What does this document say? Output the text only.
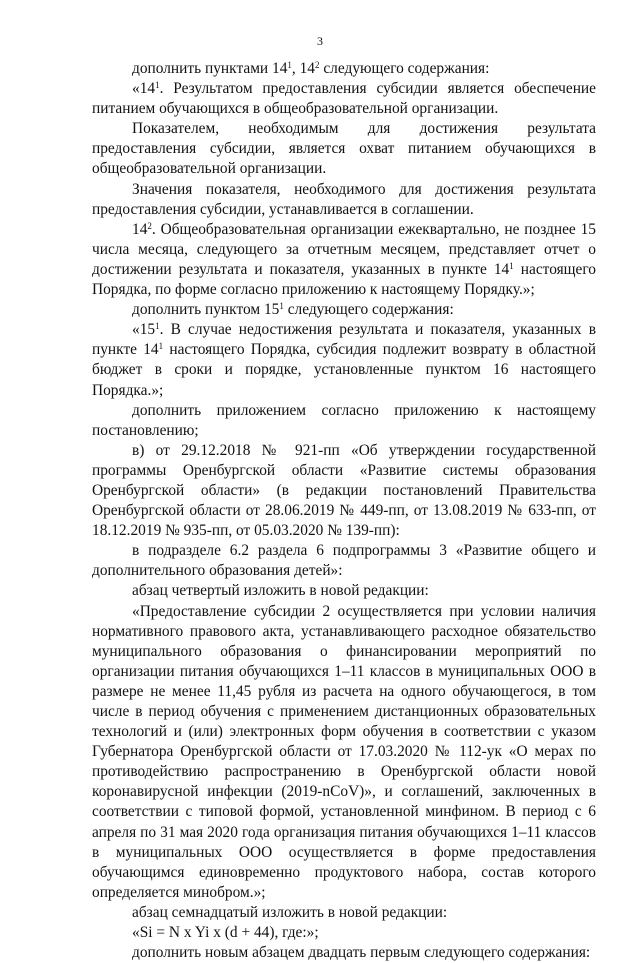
3

дополнить пунктами $14^1$, $14^2$ следующего содержания:

«$14^1$. Результатом предоставления субсидии является обеспечение питанием обучающихся в общеобразовательной организации.

Показателем, необходимым для достижения результата предоставления субсидии, является охват питанием обучающихся в общеобразовательной организации.

Значения показателя, необходимого для достижения результата предоставления субсидии, устанавливается в соглашении.

$14^2$. Общеобразовательная организации ежеквартально, не позднее 15 числа месяца, следующего за отчетным месяцем, представляет отчет о достижении результата и показателя, указанных в пункте $14^1$ настоящего Порядка, по форме согласно приложению к настоящему Порядку.»;

дополнить пунктом $15^1$ следующего содержания:

«$15^1$. В случае недостижения результата и показателя, указанных в пункте $14^1$ настоящего Порядка, субсидия подлежит возврату в областной бюджет в сроки и порядке, установленные пунктом 16 настоящего Порядка.»;

дополнить приложением согласно приложению к настоящему постановлению;

в) от 29.12.2018 № 921-пп «Об утверждении государственной программы Оренбургской области «Развитие системы образования Оренбургской области» (в редакции постановлений Правительства Оренбургской области от 28.06.2019 № 449-пп, от 13.08.2019 № 633-пп, от 18.12.2019 № 935-пп, от 05.03.2020 № 139-пп):

в подразделе 6.2 раздела 6 подпрограммы 3 «Развитие общего и дополнительного образования детей»:

абзац четвертый изложить в новой редакции:

«Предоставление субсидии 2 осуществляется при условии наличия нормативного правового акта, устанавливающего расходное обязательство муниципального образования о финансировании мероприятий по организации питания обучающихся 1–11 классов в муниципальных ООО в размере не менее 11,45 рубля из расчета на одного обучающегося, в том числе в период обучения с применением дистанционных образовательных технологий и (или) электронных форм обучения в соответствии с указом Губернатора Оренбургской области от 17.03.2020 № 112-ук «О мерах по противодействию распространению в Оренбургской области новой коронавирусной инфекции (2019-nCoV)», и соглашений, заключенных в соответствии с типовой формой, установленной минфином. В период с 6 апреля по 31 мая 2020 года организация питания обучающихся 1–11 классов в муниципальных ООО осуществляется в форме предоставления обучающимся единовременно продуктового набора, состав которого определяется минобром.»;

абзац семнадцатый изложить в новой редакции:

«Si = N x Yi x (d + 44), где:»;

дополнить новым абзацем двадцать первым следующего содержания:
